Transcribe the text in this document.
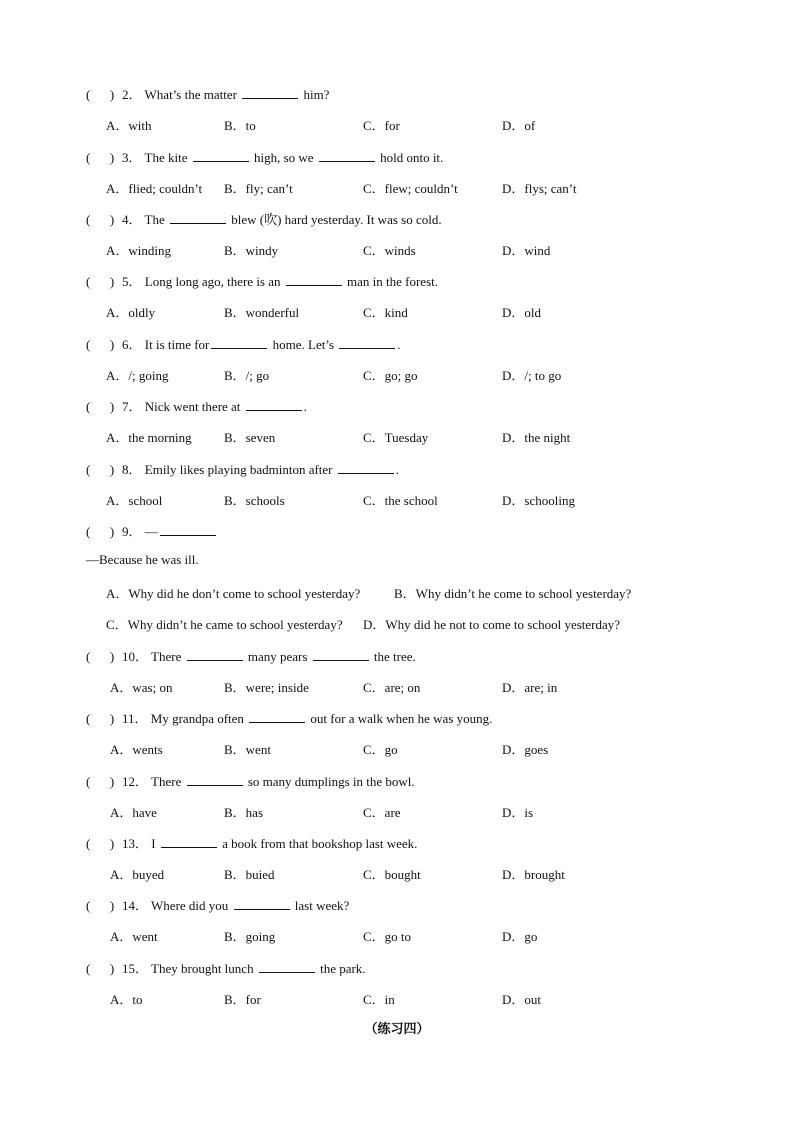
(      ) 2． What’s the matter	him?
A．with	B．to	C．for	D．of
(      ) 3． The kite	high, so we	hold onto it.
A．flied; couldn’t B．fly; can’t	C．flew; couldn’t	D．flys; can’t
(      ) 4． The	blew (吹) hard yesterday. It was so cold.
A．winding	B．windy	C．winds	D．wind
(      ) 5． Long long ago, there is an	man in the forest.
A．oldly	B．wonderful	C．kind	D．old
(      ) 6． It is time for	home. Let’s	.
A．/; going	B．/; go	C．go; go	D．/; to go
(      ) 7． Nick went there at	.
A．the morning B．seven	C．Tuesday	D．the night
(      ) 8． Emily likes playing badminton after	.
A．school	B．schools	C．the school	D．schooling
(      ) 9． —
—Because he was ill.
A．Why did he don’t come to school yesterday?	B．Why didn’t he come to school yesterday?
C．Why didn’t he came to school yesterday? D．Why did he not to come to school yesterday?
(      ) 10． There	many pears	the tree.
A．was; on	B．were; inside	C．are; on	D．are; in
(      ) 11． My grandpa often	out for a walk when he was young.
A．wents	B．went	C．go	D．goes
(      ) 12． There	so many dumplings in the bowl.
A．have	B．has	C．are	D．is
(      ) 13． I	a book from that bookshop last week.
A．buyed	B．buied	C．bought	D．brought
(      ) 14． Where did you	last week?
A．went	B．going	C．go to	D．go
(      ) 15． They brought lunch	the park.
A．to	B．for	C．in	D．out
（练习四）
